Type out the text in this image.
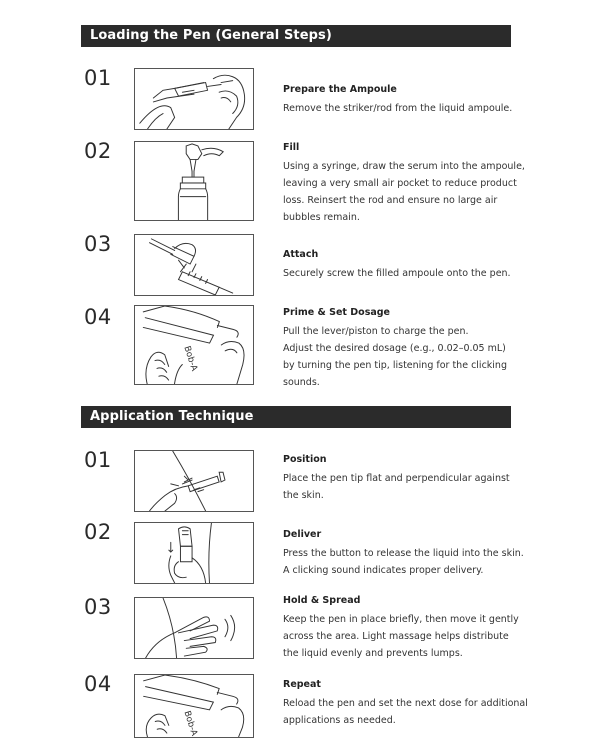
Loading the Pen (General Steps)
01	Prepare the Ampoule
Remove the striker/rod from the liquid ampoule.
02	Fill
Using a syringe, draw the serum into the ampoule,
leaving a very small air pocket to reduce product
loss. Reinsert the rod and ensure no large air
bubbles remain.
03	Attach
Securely screw the filled ampoule onto the pen.
04
Bob-A
Prime & Set Dosage
Pull the lever/piston to charge the pen.
Adjust the desired dosage (e.g., 0.02–0.05 mL)
by turning the pen tip, listening for the clicking
sounds.
Application Technique
01	Position
Place the pen tip flat and perpendicular against
the skin.
02	Deliver
Press the button to release the liquid into the skin.
A clicking sound indicates proper delivery.
03	Hold & Spread
Keep the pen in place briefly, then move it gently
across the area. Light massage helps distribute
the liquid evenly and prevents lumps.
04
Bob-A
Repeat
Reload the pen and set the next dose for additional
applications as needed.
